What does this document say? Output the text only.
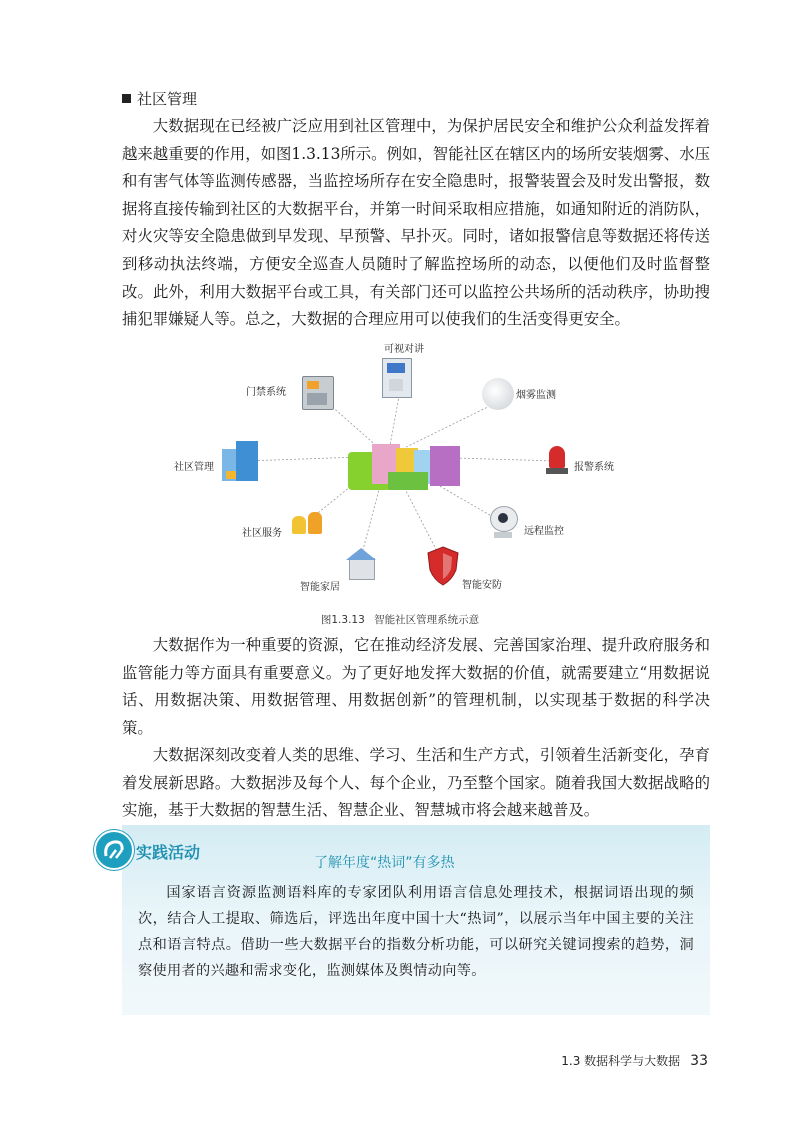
社区管理

大数据现在已经被广泛应用到社区管理中，为保护居民安全和维护公众利益发挥着越来越重要的作用，如图1.3.13所示。例如，智能社区在辖区内的场所安装烟雾、水压和有害气体等监测传感器，当监控场所存在安全隐患时，报警装置会及时发出警报，数据将直接传输到社区的大数据平台，并第一时间采取相应措施，如通知附近的消防队，对火灾等安全隐患做到早发现、早预警、早扑灭。同时，诸如报警信息等数据还将传送到移动执法终端，方便安全巡查人员随时了解监控场所的动态，以便他们及时监督整改。此外，利用大数据平台或工具，有关部门还可以监控公共场所的活动秩序，协助搜捕犯罪嫌疑人等。总之，大数据的合理应用可以使我们的生活变得更安全。

可视对讲
门禁系统	烟雾监测
社区管理	报警系统
社区服务	远程监控
智能家居	智能安防
图1.3.13 智能社区管理系统示意

大数据作为一种重要的资源，它在推动经济发展、完善国家治理、提升政府服务和监管能力等方面具有重要意义。为了更好地发挥大数据的价值，就需要建立“用数据说话、用数据决策、用数据管理、用数据创新”的管理机制，以实现基于数据的科学决策。

大数据深刻改变着人类的思维、学习、生活和生产方式，引领着生活新变化，孕育着发展新思路。大数据涉及每个人、每个企业，乃至整个国家。随着我国大数据战略的实施，基于大数据的智慧生活、智慧企业、智慧城市将会越来越普及。

实践活动
了解年度“热词”有多热

国家语言资源监测语料库的专家团队利用语言信息处理技术，根据词语出现的频次，结合人工提取、筛选后，评选出年度中国十大“热词”，以展示当年中国主要的关注点和语言特点。借助一些大数据平台的指数分析功能，可以研究关键词搜索的趋势，洞察使用者的兴趣和需求变化，监测媒体及舆情动向等。

1.3 数据科学与大数据 33
